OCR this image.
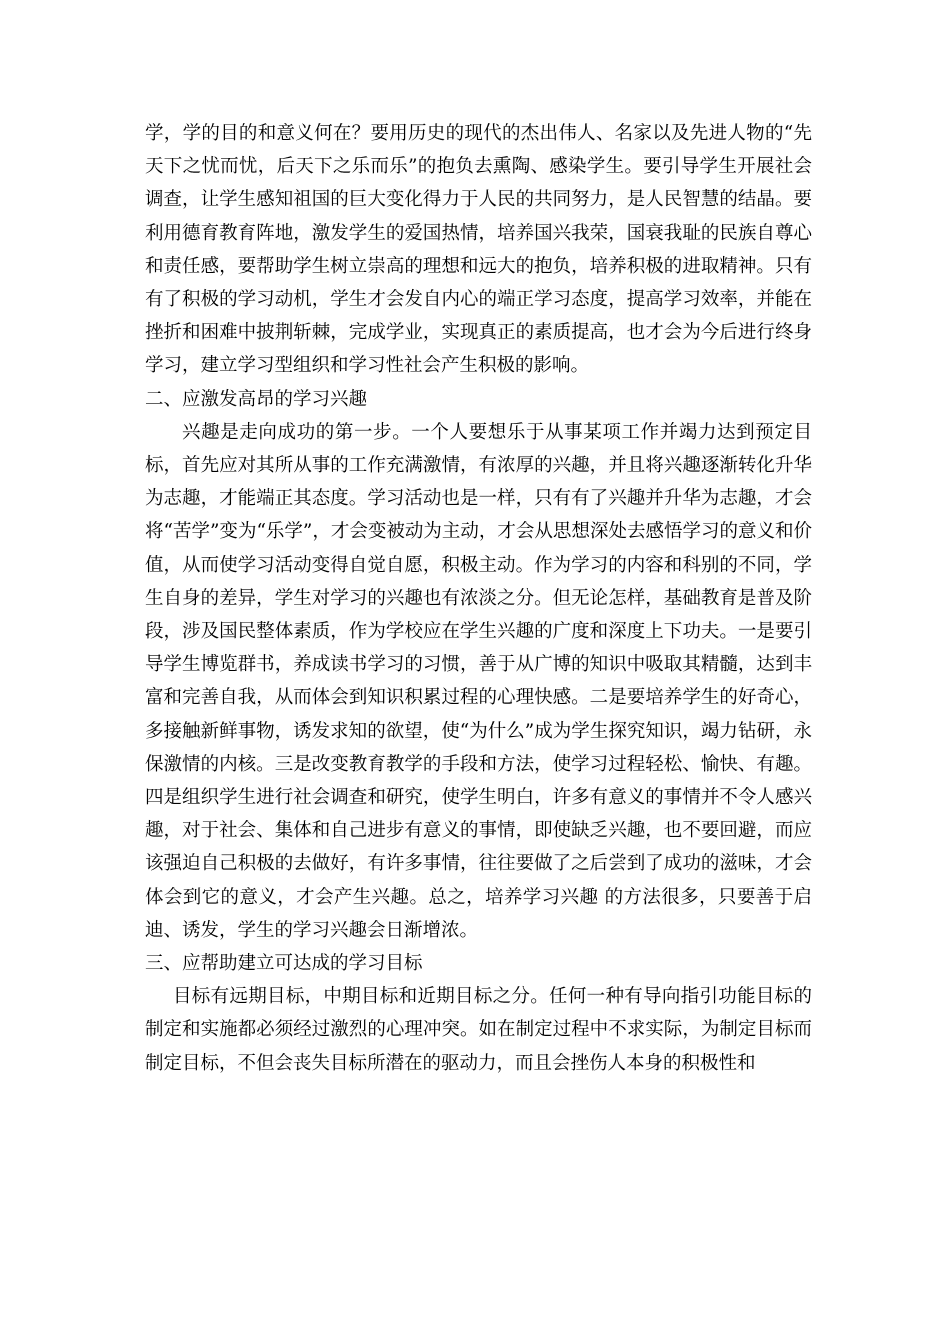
学，学的目的和意义何在？要用历史的现代的杰出伟人、名家以及先进人物的“先天下之忧而忧，后天下之乐而乐”的抱负去熏陶、感染学生。要引导学生开展社会调查，让学生感知祖国的巨大变化得力于人民的共同努力，是人民智慧的结晶。要利用德育教育阵地，激发学生的爱国热情，培养国兴我荣，国衰我耻的民族自尊心和责任感，要帮助学生树立崇高的理想和远大的抱负，培养积极的进取精神。只有有了积极的学习动机，学生才会发自内心的端正学习态度，提高学习效率，并能在挫折和困难中披荆斩棘，完成学业，实现真正的素质提高，也才会为今后进行终身学习，建立学习型组织和学习性社会产生积极的影响。

二、应激发高昂的学习兴趣

兴趣是走向成功的第一步。一个人要想乐于从事某项工作并竭力达到预定目标，首先应对其所从事的工作充满激情，有浓厚的兴趣，并且将兴趣逐渐转化升华为志趣，才能端正其态度。学习活动也是一样，只有有了兴趣并升华为志趣，才会将“苦学”变为“乐学”，才会变被动为主动，才会从思想深处去感悟学习的意义和价值，从而使学习活动变得自觉自愿，积极主动。作为学习的内容和科别的不同，学生自身的差异，学生对学习的兴趣也有浓淡之分。但无论怎样，基础教育是普及阶段，涉及国民整体素质，作为学校应在学生兴趣的广度和深度上下功夫。一是要引导学生博览群书，养成读书学习的习惯，善于从广博的知识中吸取其精髓，达到丰富和完善自我，从而体会到知识积累过程的心理快感。二是要培养学生的好奇心，多接触新鲜事物，诱发求知的欲望，使“为什么”成为学生探究知识，竭力钻研，永保激情的内核。三是改变教育教学的手段和方法，使学习过程轻松、愉快、有趣。四是组织学生进行社会调查和研究，使学生明白，许多有意义的事情并不令人感兴趣，对于社会、集体和自己进步有意义的事情，即使缺乏兴趣，也不要回避，而应该强迫自己积极的去做好，有许多事情，往往要做了之后尝到了成功的滋味，才会体会到它的意义，才会产生兴趣。总之，培养学习兴趣 的方法很多，只要善于启迪、诱发，学生的学习兴趣会日渐增浓。

三、应帮助建立可达成的学习目标

目标有远期目标，中期目标和近期目标之分。任何一种有导向指引功能目标的制定和实施都必须经过激烈的心理冲突。如在制定过程中不求实际，为制定目标而制定目标，不但会丧失目标所潜在的驱动力，而且会挫伤人本身的积极性和
